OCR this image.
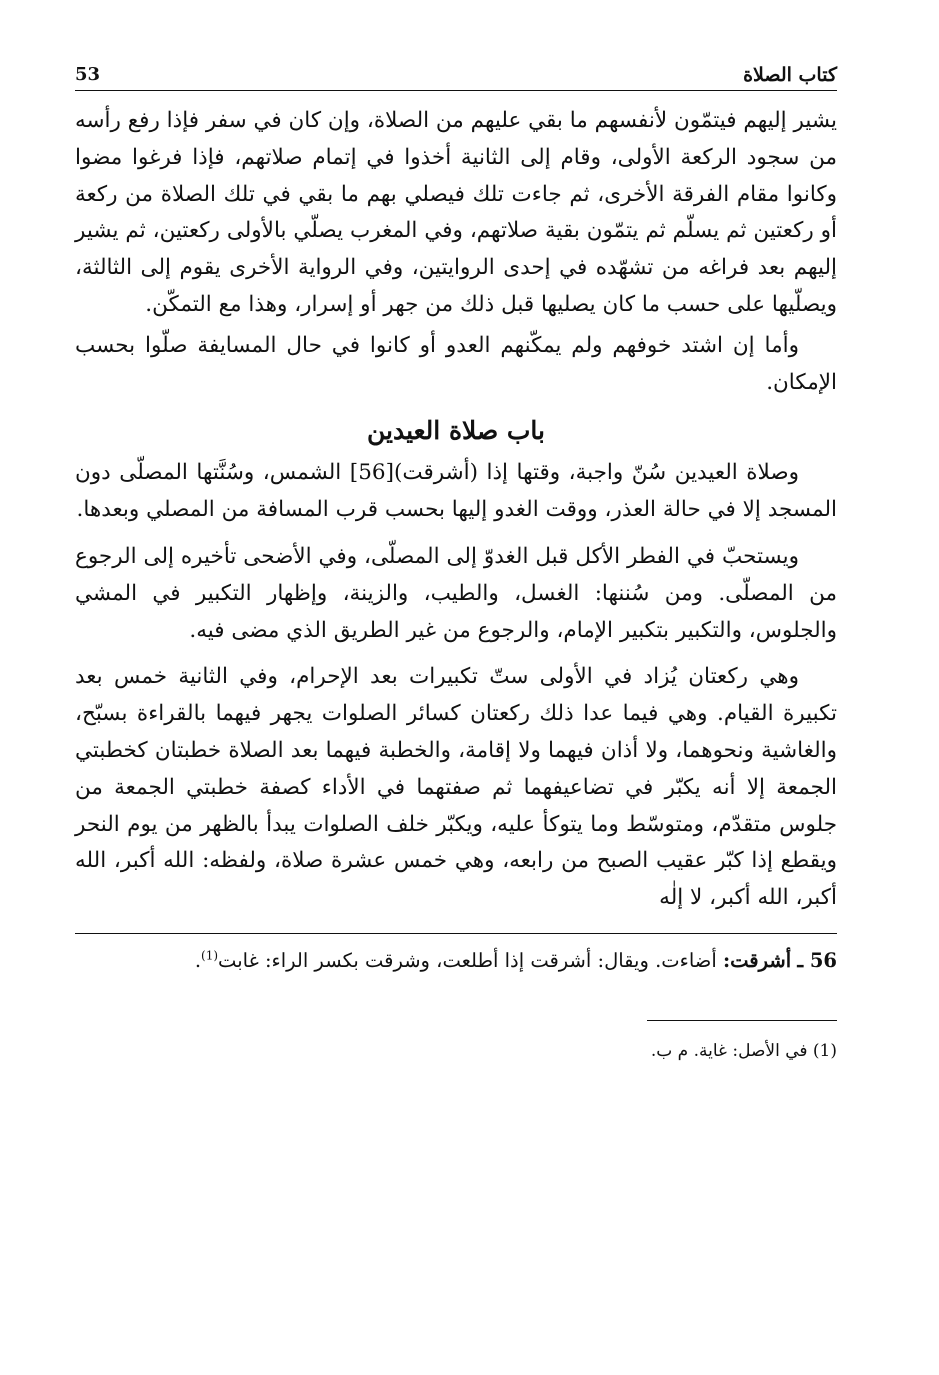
كتاب الصلاة
53

يشير إليهم فيتمّون لأنفسهم ما بقي عليهم من الصلاة، وإن كان في سفر فإذا رفع رأسه من سجود الركعة الأولى، وقام إلى الثانية أخذوا في إتمام صلاتهم، فإذا فرغوا مضوا وكانوا مقام الفرقة الأخرى، ثم جاءت تلك فيصلي بهم ما بقي في تلك الصلاة من ركعة أو ركعتين ثم يسلّم ثم يتمّون بقية صلاتهم، وفي المغرب يصلّي بالأولى ركعتين، ثم يشير إليهم بعد فراغه من تشهّده في إحدى الروايتين، وفي الرواية الأخرى يقوم إلى الثالثة، ويصلّيها على حسب ما كان يصليها قبل ذلك من جهر أو إسرار، وهذا مع التمكّن.

وأما إن اشتد خوفهم ولم يمكّنهم العدو أو كانوا في حال المسايفة صلّوا بحسب الإمكان.

باب صلاة العيدين

وصلاة العيدين سُنّ واجبة، وقتها إذا (أشرقت)[56] الشمس، وسُنَّتها المصلّى دون المسجد إلا في حالة العذر، ووقت الغدو إليها بحسب قرب المسافة من المصلي وبعدها.

ويستحبّ في الفطر الأكل قبل الغدوّ إلى المصلّى، وفي الأضحى تأخيره إلى الرجوع من المصلّى. ومن سُننها: الغسل، والطيب، والزينة، وإظهار التكبير في المشي والجلوس، والتكبير بتكبير الإمام، والرجوع من غير الطريق الذي مضى فيه.

وهي ركعتان يُزاد في الأولى ستّ تكبيرات بعد الإحرام، وفي الثانية خمس بعد تكبيرة القيام. وهي فيما عدا ذلك ركعتان كسائر الصلوات يجهر فيهما بالقراءة بسبّح، والغاشية ونحوهما، ولا أذان فيهما ولا إقامة، والخطبة فيهما بعد الصلاة خطبتان كخطبتي الجمعة إلا أنه يكبّر في تضاعيفهما ثم صفتهما في الأداء كصفة خطبتي الجمعة من جلوس متقدّم، ومتوسّط وما يتوكأ عليه، ويكبّر خلف الصلوات يبدأ بالظهر من يوم النحر ويقطع إذا كبّر عقيب الصبح من رابعه، وهي خمس عشرة صلاة، ولفظه: الله أكبر، الله أكبر، الله أكبر، لا إلٰه

56 ـ أشرقت: أضاءت. ويقال: أشرقت إذا أطلعت، وشرقت بكسر الراء: غابت$^{(1)}$.

(1) في الأصل: غاية. م ب.
